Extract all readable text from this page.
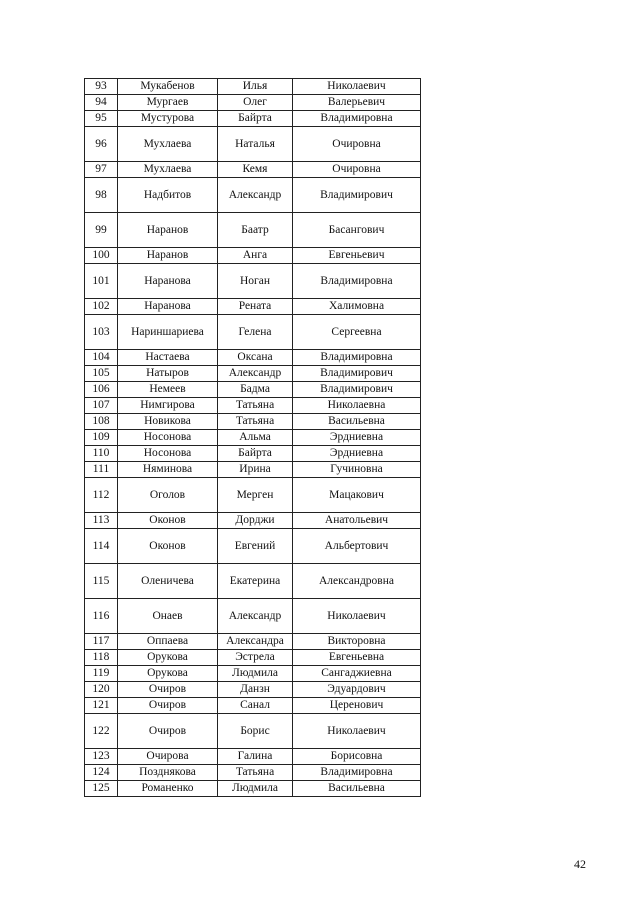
93	Мукабенов	Илья	Николаевич
94	Мургаев	Олег	Валерьевич
95	Мустурова	Байрта	Владимировна
96	Мухлаева	Наталья	Очировна
97	Мухлаева	Кемя	Очировна
98	Надбитов	Александр	Владимирович
99	Наранов	Баатр	Басангович
100	Наранов	Анга	Евгеньевич
101	Наранова	Ноган	Владимировна
102	Наранова	Рената	Халимовна
103	Нариншариева	Гелена	Сергеевна
104	Настаева	Оксана	Владимировна
105	Натыров	Александр	Владимирович
106	Немеев	Бадма	Владимирович
107	Нимгирова	Татьяна	Николаевна
108	Новикова	Татьяна	Васильевна
109	Носонова	Альма	Эрдниевна
110	Носонова	Байрта	Эрдниевна
111	Няминова	Ирина	Гучиновна
112	Оголов	Мерген	Мацакович
113	Оконов	Дорджи	Анатольевич
114	Оконов	Евгений	Альбертович
115	Оленичева	Екатерина	Александровна
116	Онаев	Александр	Николаевич
117	Оппаева	Александра	Викторовна
118	Орукова	Эстрела	Евгеньевна
119	Орукова	Людмила	Сангаджиевна
120	Очиров	Данзн	Эдуардович
121	Очиров	Санал	Церенович
122	Очиров	Борис	Николаевич
123	Очирова	Галина	Борисовна
124	Позднякова	Татьяна	Владимировна
125	Романенко	Людмила	Васильевна
42
